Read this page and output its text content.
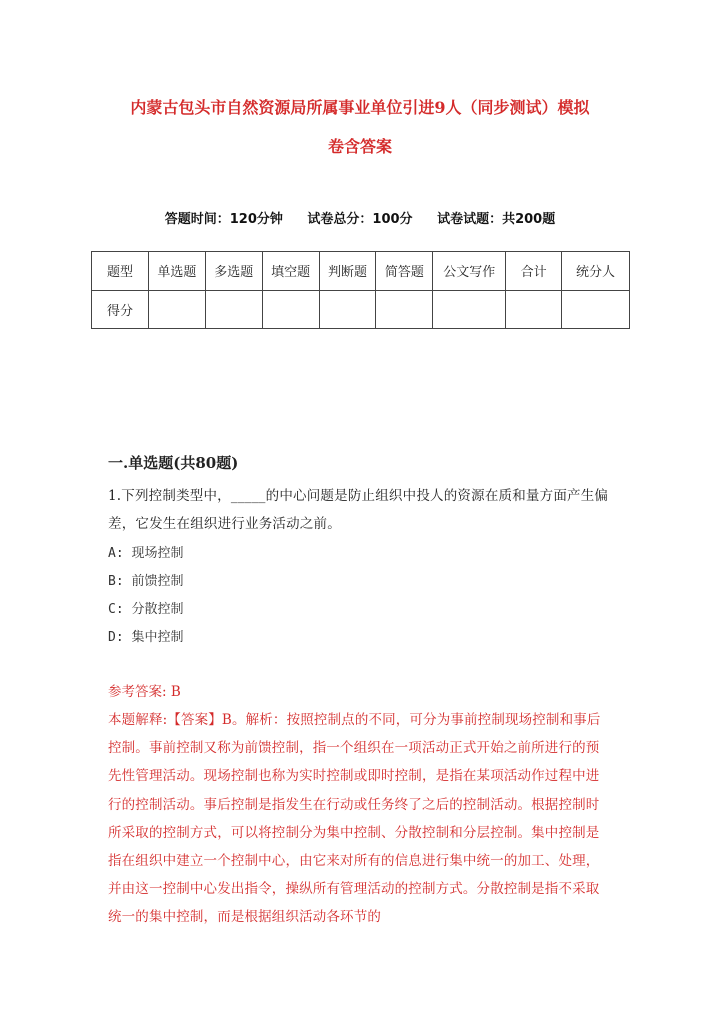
内蒙古包头市自然资源局所属事业单位引进9人（同步测试）模拟
卷含答案
答题时间：120分钟 试卷总分：100分 试卷试题：共200题
题型	单选题	多选题	填空题	判断题	简答题	公文写作	合计	统分人
得分								
一.单选题(共80题)
1.下列控制类型中，_____的中心问题是防止组织中投人的资源在质和量方面产生偏差，它发生在组织进行业务活动之前。
A: 现场控制
B: 前馈控制
C: 分散控制
D: 集中控制
参考答案: B
本题解释:【答案】B。解析：按照控制点的不同，可分为事前控制现场控制和事后控制。事前控制又称为前馈控制，指一个组织在一项活动正式开始之前所进行的预先性管理活动。现场控制也称为实时控制或即时控制，是指在某项活动作过程中进行的控制活动。事后控制是指发生在行动或任务终了之后的控制活动。根据控制时所采取的控制方式，可以将控制分为集中控制、分散控制和分层控制。集中控制是指在组织中建立一个控制中心，由它来对所有的信息进行集中统一的加工、处理，并由这一控制中心发出指令，操纵所有管理活动的控制方式。分散控制是指不采取统一的集中控制，而是根据组织活动各环节的
